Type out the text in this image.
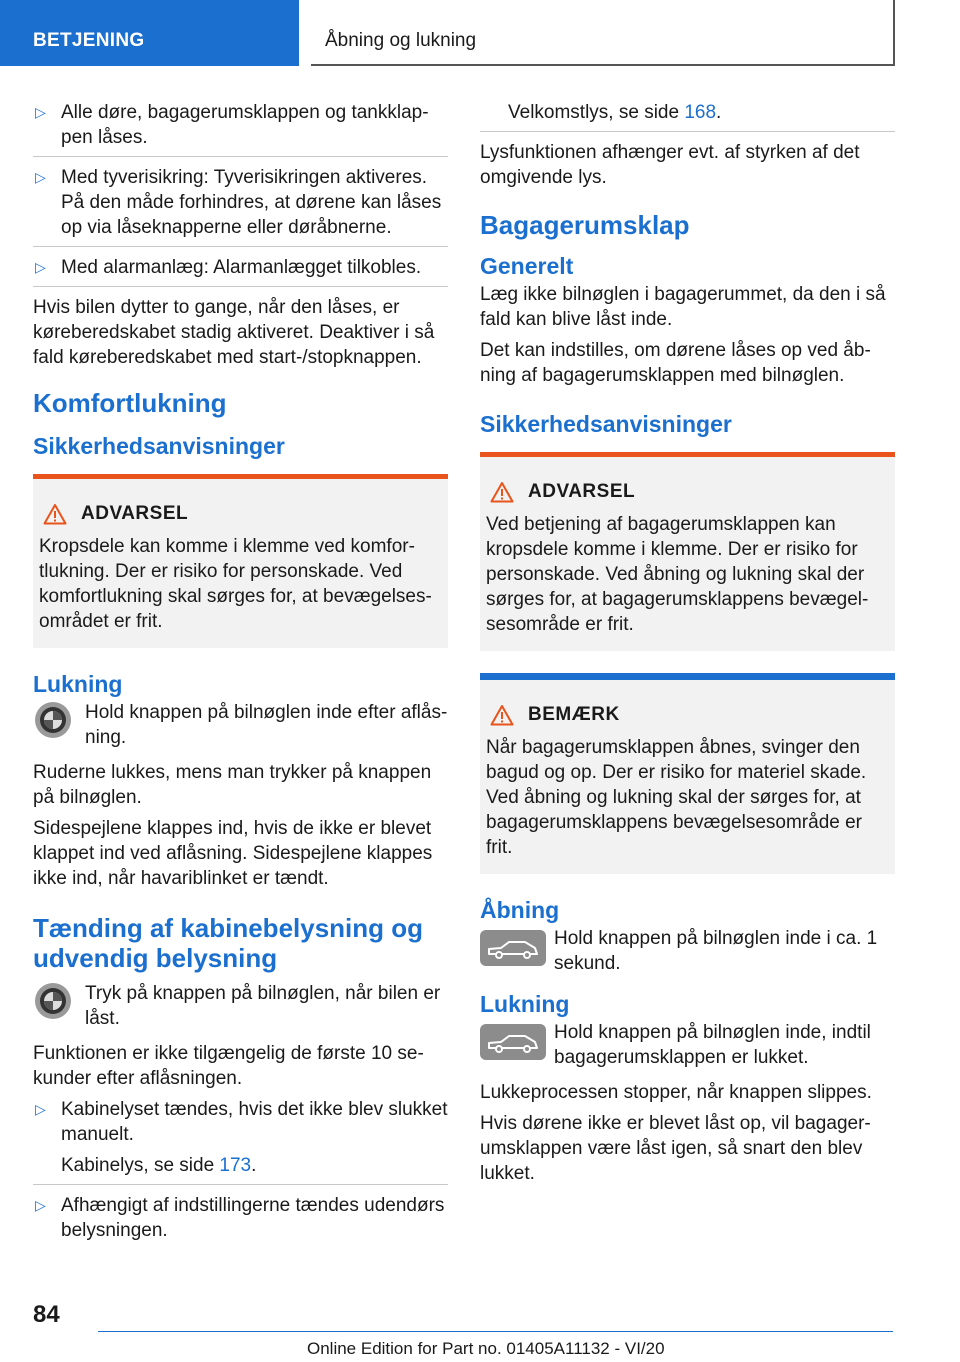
BETJENING	Åbning og lukning
▷ Alle døre, bagagerumsklappen og tankklappen låses.
▷ Med tyverisikring: Tyverisikringen aktiveres. På den måde forhindres, at dørene kan låses op via låseknapperne eller døråbnerne.
▷ Med alarmanlæg: Alarmanlægget tilkobles.

Hvis bilen dytter to gange, når den låses, er køreberedskabet stadig aktiveret. Deaktiver i så fald køreberedskabet med start-/stopknappen.

Komfortlukning
Sikkerhedsanvisninger
ADVARSEL
Kropsdele kan komme i klemme ved komfortlukning. Der er risiko for personskade. Ved komfortlukning skal sørges for, at bevægelsesområdet er frit.
Lukning
Hold knappen på bilnøglen inde efter aflåsning.

Ruderne lukkes, mens man trykker på knappen på bilnøglen.

Sidespejlene klappes ind, hvis de ikke er blevet klappet ind ved aflåsning. Sidespejlene klappes ikke ind, når havariblinket er tændt.

Tænding af kabinebelysning og udvendig belysning
Tryk på knappen på bilnøglen, når bilen er låst.

Funktionen er ikke tilgængelig de første 10 sekunder efter aflåsningen.

▷ Kabinelyset tændes, hvis det ikke blev slukket manuelt.
Kabinelys, se side 173.
▷ Afhængigt af indstillingerne tændes udendørs belysningen.
Velkomstlys, se side 168.

Lysfunktionen afhænger evt. af styrken af det omgivende lys.

Bagagerumsklap
Generelt

Læg ikke bilnøglen i bagagerummet, da den i så fald kan blive låst inde.

Det kan indstilles, om dørene låses op ved åbning af bagagerumsklappen med bilnøglen.

Sikkerhedsanvisninger
ADVARSEL
Ved betjening af bagagerumsklappen kan kropsdele komme i klemme. Der er risiko for personskade. Ved åbning og lukning skal der sørges for, at bagagerumsklappens bevægelsesområde er frit.
BEMÆRK
Når bagagerumsklappen åbnes, svinger den bagud og op. Der er risiko for materiel skade. Ved åbning og lukning skal der sørges for, at bagagerumsklappens bevægelsesområde er frit.
Åbning
Hold knappen på bilnøglen inde i ca. 1 sekund.
Lukning
Hold knappen på bilnøglen inde, indtil bagagerumsklappen er lukket.

Lukkeprocessen stopper, når knappen slippes.

Hvis dørene ikke er blevet låst op, vil bagagerumsklappen være låst igen, så snart den blev lukket.

84
Online Edition for Part no. 01405A11132 - VI/20
